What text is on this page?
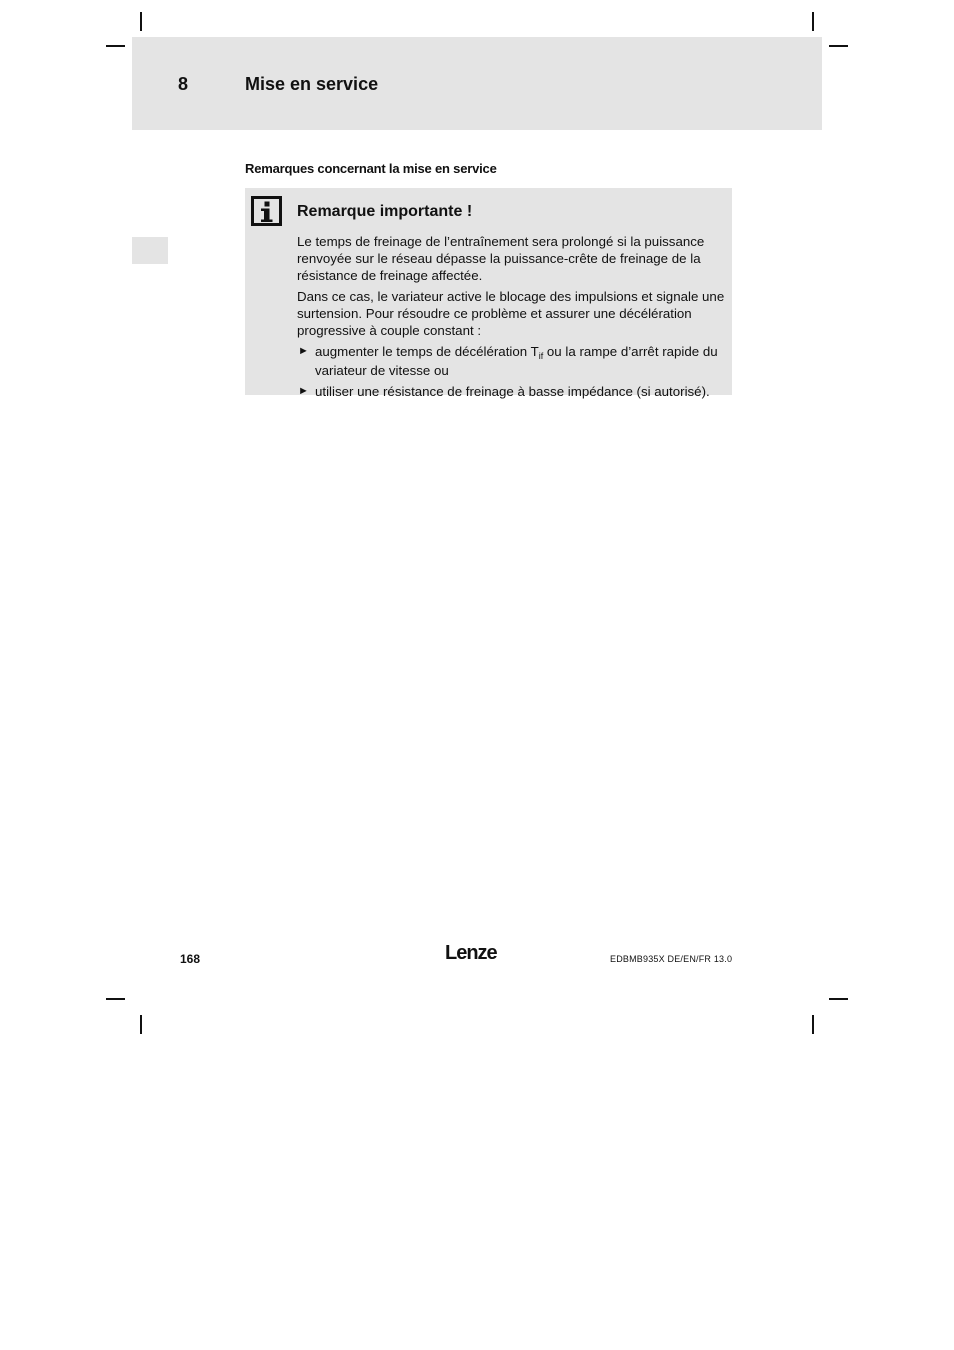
8	Mise en service
Remarques concernant la mise en service
Remarque importante !

Le temps de freinage de l’entraînement sera prolongé si la puissance renvoyée sur le réseau dépasse la puissance-crête de freinage de la résistance de freinage affectée.

Dans ce cas, le variateur active le blocage des impulsions et signale une surtension. Pour résoudre ce problème et assurer une décélération progressive à couple constant :

► augmenter le temps de décélération $T_{if}$ ou la rampe d’arrêt rapide du variateur de vitesse ou
► utiliser une résistance de freinage à basse impédance (si autorisé).
168	Lenze	EDBMB935X DE/EN/FR 13.0
